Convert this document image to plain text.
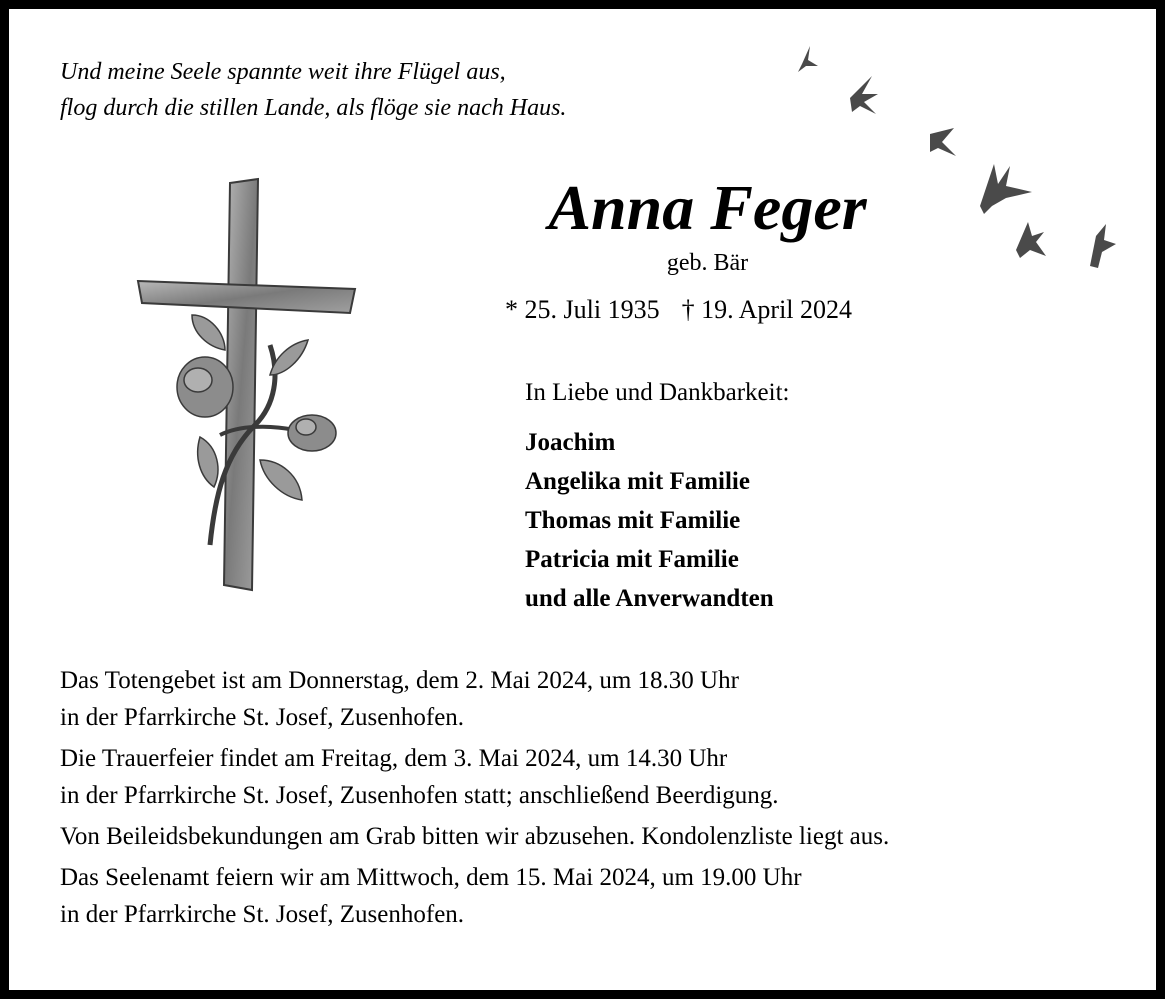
Und meine Seele spannte weit ihre Flügel aus,
flog durch die stillen Lande, als flöge sie nach Haus.
Anna Feger
geb. Bär
* 25. Juli 1935 † 19. April 2024
In Liebe und Dankbarkeit:
Joachim
Angelika mit Familie
Thomas mit Familie
Patricia mit Familie
und alle Anverwandten
Das Totengebet ist am Donnerstag, dem 2. Mai 2024, um 18.30 Uhr
in der Pfarrkirche St. Josef, Zusenhofen.
Die Trauerfeier findet am Freitag, dem 3. Mai 2024, um 14.30 Uhr
in der Pfarrkirche St. Josef, Zusenhofen statt; anschließend Beerdigung.
Von Beileidsbekundungen am Grab bitten wir abzusehen. Kondolenzliste liegt aus.
Das Seelenamt feiern wir am Mittwoch, dem 15. Mai 2024, um 19.00 Uhr
in der Pfarrkirche St. Josef, Zusenhofen.
